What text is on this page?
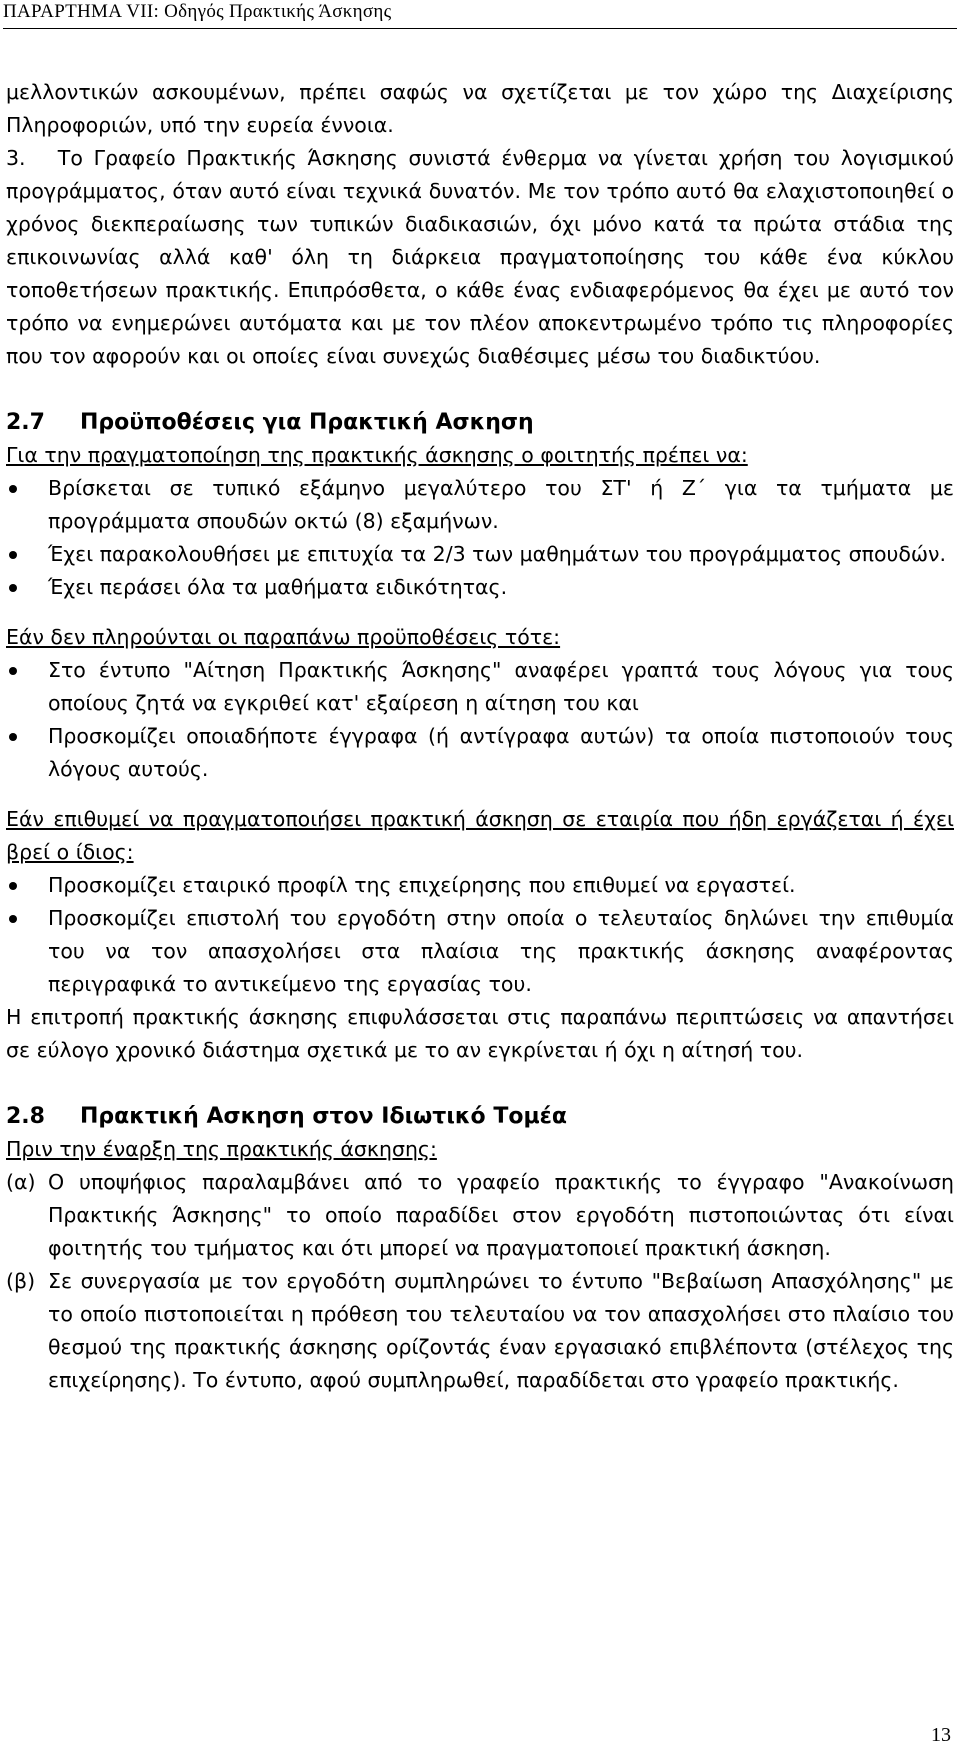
ΠΑΡΑΡΤΗΜΑ VII: Οδηγός Πρακτικής Άσκησης

μελλοντικών ασκουμένων, πρέπει σαφώς να σχετίζεται με τον χώρο της Διαχείρισης Πληροφοριών, υπό την ευρεία έννοια.

3.   Το Γραφείο Πρακτικής Άσκησης συνιστά ένθερμα να γίνεται χρήση του λογισμικού προγράμματος, όταν αυτό είναι τεχνικά δυνατόν. Με τον τρόπο αυτό θα ελαχιστοποιηθεί ο χρόνος διεκπεραίωσης των τυπικών διαδικασιών, όχι μόνο κατά τα πρώτα στάδια της επικοινωνίας αλλά καθ' όλη τη διάρκεια πραγματοποίησης του κάθε ένα κύκλου τοποθετήσεων πρακτικής. Επιπρόσθετα, ο κάθε ένας ενδιαφερόμενος θα έχει με αυτό τον τρόπο να ενημερώνει αυτόματα και με τον πλέον αποκεντρωμένο τρόπο τις πληροφορίες που τον αφορούν και οι οποίες είναι συνεχώς διαθέσιμες μέσω του διαδικτύου.

2.7 Προϋποθέσεις για Πρακτική Ασκηση

Για την πραγματοποίηση της πρακτικής άσκησης ο φοιτητής πρέπει να:

Βρίσκεται σε τυπικό εξάμηνο μεγαλύτερο του ΣΤ' ή Ζ΄ για τα τμήματα με προγράμματα σπουδών οκτώ (8) εξαμήνων.
Έχει παρακολουθήσει με επιτυχία τα 2/3 των μαθημάτων του προγράμματος σπουδών.
Έχει περάσει όλα τα μαθήματα ειδικότητας.

Εάν δεν πληρούνται οι παραπάνω προϋποθέσεις τότε:

Στο έντυπο "Αίτηση Πρακτικής Άσκησης" αναφέρει γραπτά τους λόγους για τους οποίους ζητά να εγκριθεί κατ' εξαίρεση η αίτηση του και
Προσκομίζει οποιαδήποτε έγγραφα (ή αντίγραφα αυτών) τα οποία πιστοποιούν τους λόγους αυτούς.

Εάν επιθυμεί να πραγματοποιήσει πρακτική άσκηση σε εταιρία που ήδη εργάζεται ή έχει βρεί ο ίδιος:

Προσκομίζει εταιρικό προφίλ της επιχείρησης που επιθυμεί να εργαστεί.
Προσκομίζει επιστολή του εργοδότη στην οποία ο τελευταίος δηλώνει την επιθυμία του να τον απασχολήσει στα πλαίσια της πρακτικής άσκησης αναφέροντας περιγραφικά το αντικείμενο της εργασίας του.

Η επιτροπή πρακτικής άσκησης επιφυλάσσεται στις παραπάνω περιπτώσεις να απαντήσει σε εύλογο χρονικό διάστημα σχετικά με το αν εγκρίνεται ή όχι η αίτησή του.

2.8 Πρακτική Ασκηση στον Ιδιωτικό Τομέα

Πριν την έναρξη της πρακτικής άσκησης:

(α) Ο υποψήφιος παραλαμβάνει από το γραφείο πρακτικής το έγγραφο "Ανακοίνωση Πρακτικής Άσκησης" το οποίο παραδίδει στον εργοδότη πιστοποιώντας ότι είναι φοιτητής του τμήματος και ότι μπορεί να πραγματοποιεί πρακτική άσκηση.
(β) Σε συνεργασία με τον εργοδότη συμπληρώνει το έντυπο "Βεβαίωση Απασχόλησης" με το οποίο πιστοποιείται η πρόθεση του τελευταίου να τον απασχολήσει στο πλαίσιο του θεσμού της πρακτικής άσκησης ορίζοντάς έναν εργασιακό επιβλέποντα (στέλεχος της επιχείρησης). Το έντυπο, αφού συμπληρωθεί, παραδίδεται στο γραφείο πρακτικής.
13
